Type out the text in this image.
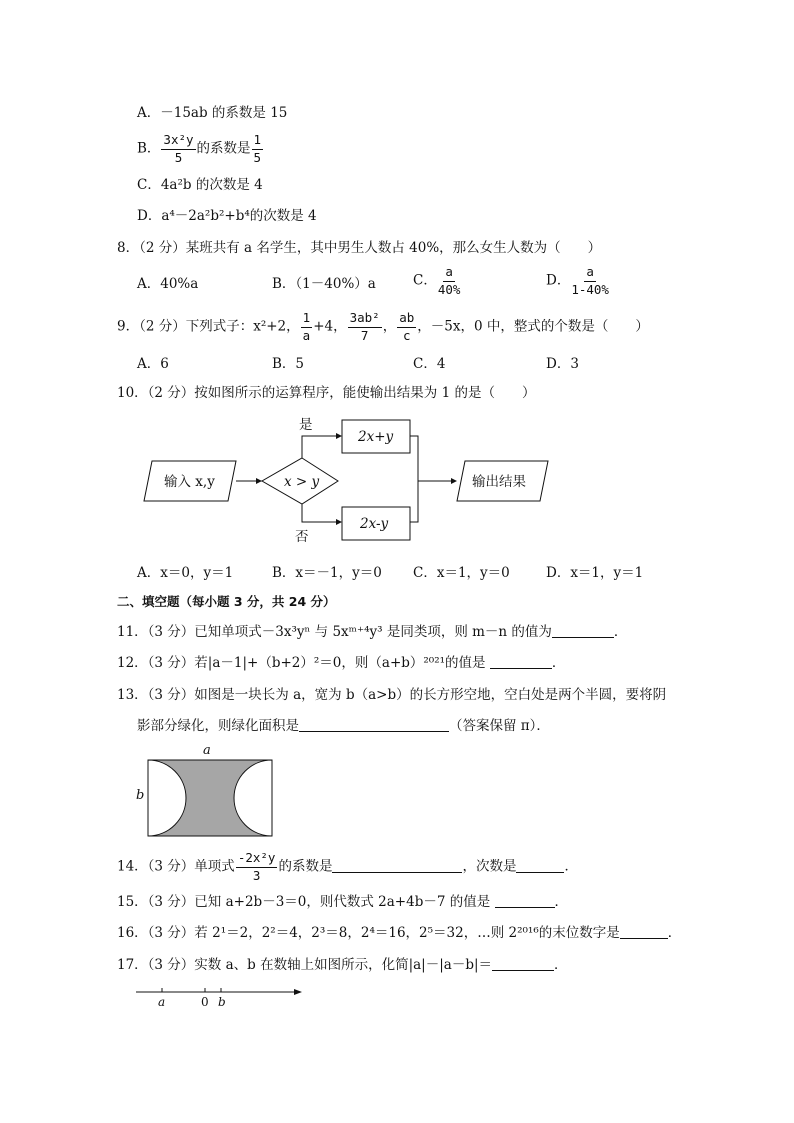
A．－15ab 的系数是 15
B． $\frac{\text{3x²y}}{5}$ 的系数是 $\frac{1}{5}$
C．4a²b 的次数是 4
D．a⁴－2a²b²+b⁴的次数是 4
8．（2 分）某班共有 a 名学生，其中男生人数占 40%，那么女生人数为（　　）
A．40%a	B．（1－40%）a	C． $\frac{a}{40\%}$	D． $\frac{a}{1-40\%}$
9．（2 分）下列式子：x²+2， $\frac{1}{a} +4$， $\frac{\text{3ab²}}{7}$ ， $\frac{ab}{c}$ ，－5x，0 中，整式的个数是（　　）
A．6	B．5	C．4	D．3
10．（2 分）按如图所示的运算程序，能使输出结果为 1 的是（　　）
输入 x,y	x > y
是
否
2x+y
2x-y
输出结果
A．x＝0，y＝1	B．x＝－1，y＝0 C．x＝1，y＝0	D．x＝1，y＝1
二、填空题（每小题 3 分，共 24 分）
11．（3 分）已知单项式－3x³yⁿ 与 5xᵐ⁺⁴y³ 是同类项，则 m－n 的值为	．
12．（3 分）若|a－1|+（b+2）²＝0，则（a+b）²⁰²¹的值是	．
13．（3 分）如图是一块长为 a，宽为 b（a>b）的长方形空地，空白处是两个半圆，要将阴
影部分绿化，则绿化面积是	（答案保留 π）．
a
b
14．（3 分）单项式 $\frac{\text{-2x²y}}{3}$ 的系数是	，次数是	．
15．（3 分）已知 a+2b－3＝0，则代数式 2a+4b－7 的值是	．
16．（3 分）若 2¹＝2，2²＝4，2³＝8，2⁴＝16，2⁵＝32，…则 2²⁰¹⁶的末位数字是	．
17．（3 分）实数 a、b 在数轴上如图所示，化简|a|－|a－b|＝	．
a	0 b
